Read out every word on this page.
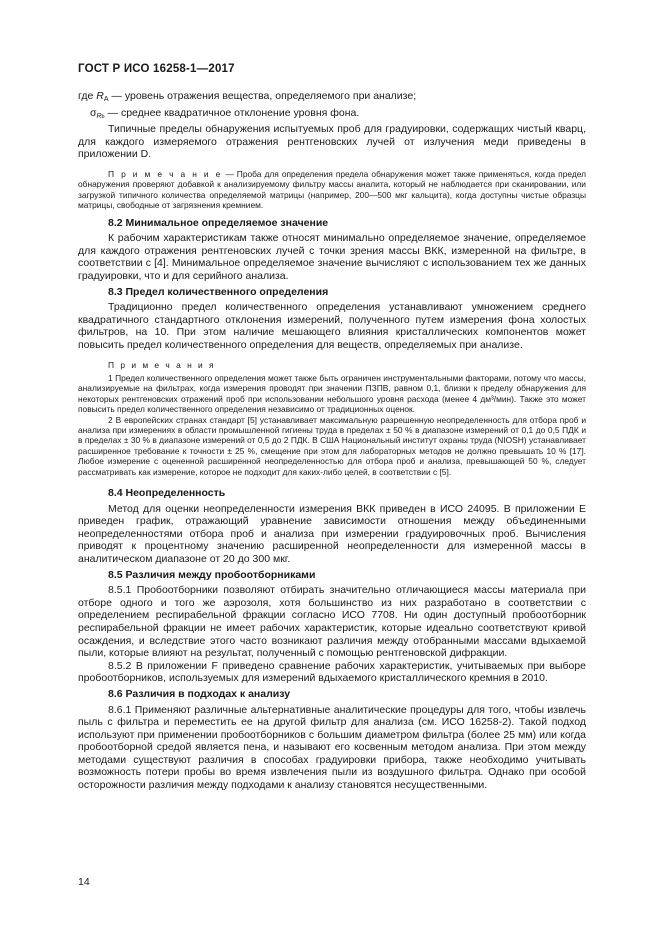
ГОСТ Р ИСО 16258-1—2017

где $R_A$ — уровень отражения вещества, определяемого при анализе;

$\sigma_{Rb}$ — среднее квадратичное отклонение уровня фона.

Типичные пределы обнаружения испытуемых проб для градуировки, содержащих чистый кварц, для каждого измеряемого отражения рентгеновских лучей от излучения меди приведены в приложении D.

П р и м е ч а н и е — Проба для определения предела обнаружения может также применяться, когда предел обнаружения проверяют добавкой к анализируемому фильтру массы аналита, который не наблюдается при сканировании, или загрузкой типичного количества определяемой матрицы (например, 200—500 мкг кальцита), когда доступны чистые образцы матрицы, свободные от загрязнения кремнием.

8.2 Минимальное определяемое значение

К рабочим характеристикам также относят минимально определяемое значение, определяемое для каждого отражения рентгеновских лучей с точки зрения массы ВКК, измеренной на фильтре, в соответствии с [4]. Минимальное определяемое значение вычисляют с использованием тех же данных градуировки, что и для серийного анализа.

8.3 Предел количественного определения

Традиционно предел количественного определения устанавливают умножением среднего квадратичного стандартного отклонения измерений, полученного путем измерения фона холостых фильтров, на 10. При этом наличие мешающего влияния кристаллических компонентов может повысить предел количественного определения для веществ, определяемых при анализе.

П р и м е ч а н и я

1 Предел количественного определения может также быть ограничен инструментальными факторами, потому что массы, анализируемые на фильтрах, когда измерения проводят при значении ПЗПВ, равном 0,1, близки к пределу обнаружения для некоторых рентгеновских отражений проб при использовании небольшого уровня расхода (менее 4 дм³/мин). Также это может повысить предел количественного определения независимо от традиционных оценок.

2 В европейских странах стандарт [5] устанавливает максимальную разрешенную неопределенность для отбора проб и анализа при измерениях в области промышленной гигиены труда в пределах ± 50 % в диапазоне измерений от 0,1 до 0,5 ПДК и в пределах ± 30 % в диапазоне измерений от 0,5 до 2 ПДК. В США Национальный институт охраны труда (NIOSH) устанавливает расширенное требование к точности ± 25 %, смещение при этом для лабораторных методов не должно превышать 10 % [17]. Любое измерение с оцененной расширенной неопределенностью для отбора проб и анализа, превышающей 50 %, следует рассматривать как измерение, которое не подходит для каких-либо целей, в соответствии с [5].

8.4 Неопределенность

Метод для оценки неопределенности измерения ВКК приведен в ИСО 24095. В приложении Е приведен график, отражающий уравнение зависимости отношения между объединенными неопределенностями отбора проб и анализа при измерении градуировочных проб. Вычисления приводят к процентному значению расширенной неопределенности для измеренной массы в аналитическом диапазоне от 20 до 300 мкг.

8.5 Различия между пробоотборниками

8.5.1 Пробоотборники позволяют отбирать значительно отличающиеся массы материала при отборе одного и того же аэрозоля, хотя большинство из них разработано в соответствии с определением респирабельной фракции согласно ИСО 7708. Ни один доступный пробоотборник респирабельной фракции не имеет рабочих характеристик, которые идеально соответствуют кривой осаждения, и вследствие этого часто возникают различия между отобранными массами вдыхаемой пыли, которые влияют на результат, полученный с помощью рентгеновской дифракции.

8.5.2 В приложении F приведено сравнение рабочих характеристик, учитываемых при выборе пробоотборников, используемых для измерений вдыхаемого кристаллического кремния в 2010.

8.6 Различия в подходах к анализу

8.6.1 Применяют различные альтернативные аналитические процедуры для того, чтобы извлечь пыль с фильтра и переместить ее на другой фильтр для анализа (см. ИСО 16258-2). Такой подход используют при применении пробоотборников с большим диаметром фильтра (более 25 мм) или когда пробоотборной средой является пена, и называют его косвенным методом анализа. При этом между методами существуют различия в способах градуировки прибора, также необходимо учитывать возможность потери пробы во время извлечения пыли из воздушного фильтра. Однако при особой осторожности различия между подходами к анализу становятся несущественными.

14
